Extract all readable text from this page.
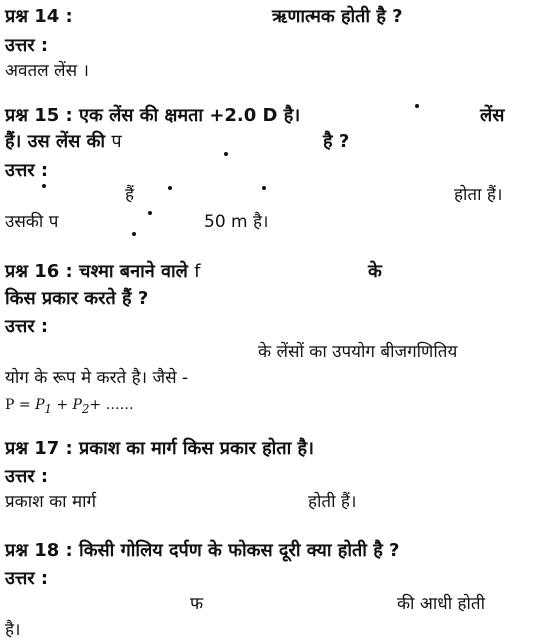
प्रश्न 14 :	ऋणात्मक होती है ?
उत्तर :
अवतल लेंस ।
प्रश्न 15 : एक लेंस की क्षमता +2.0 D है।	लेंस
हैं। उस लेंस की प	है ?
उत्तर :
हैं	होता हैं।
उसकी प	50 m है।
प्रश्न 16 : चश्मा बनाने वाले f	के
किस प्रकार करते हैं ?
उत्तर :
के लेंसों का उपयोग बीजगणितिय
योग के रूप मे करते है। जैसे -
$P = P_1 + P_2+$ ……
प्रश्न 17 : प्रकाश का मार्ग किस प्रकार होता है।
उत्तर :
प्रकाश का मार्ग	होती हैं।
प्रश्न 18 : किसी गोलिय दर्पण के फोकस दूरी क्या होती है ?
उत्तर :
फ	की आधी होती
है।
